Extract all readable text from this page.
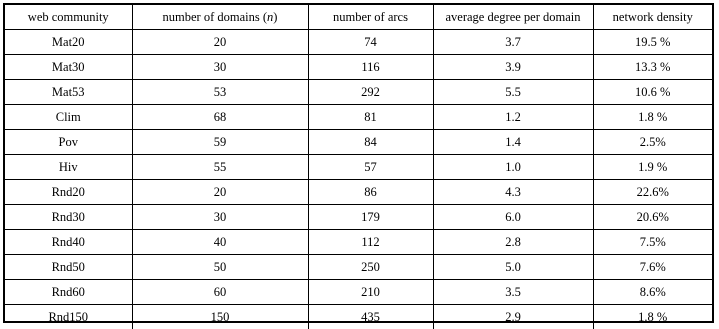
web community	number of domains (n)	number of arcs	average degree per domain	network density
Mat20	20	74	3.7	19.5 %
Mat30	30	116	3.9	13.3 %
Mat53	53	292	5.5	10.6 %
Clim	68	81	1.2	1.8 %
Pov	59	84	1.4	2.5%
Hiv	55	57	1.0	1.9 %
Rnd20	20	86	4.3	22.6%
Rnd30	30	179	6.0	20.6%
Rnd40	40	112	2.8	7.5%
Rnd50	50	250	5.0	7.6%
Rnd60	60	210	3.5	8.6%
Rnd150	150	435	2.9	1.8 %
